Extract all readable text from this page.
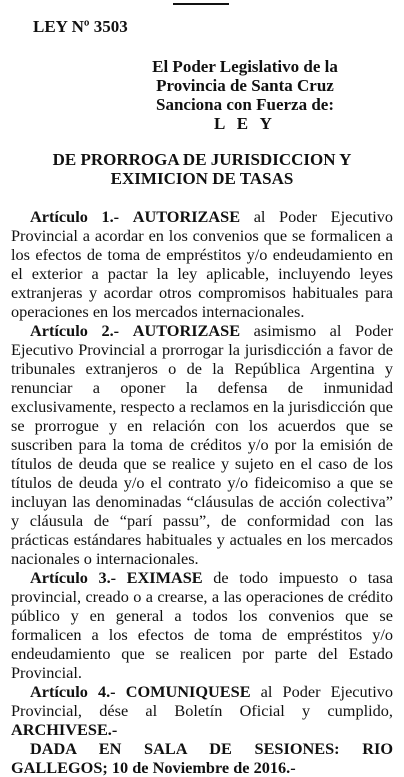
LEY Nº 3503
El Poder Legislativo de la
Provincia de Santa Cruz
Sanciona con Fuerza de:
L E Y
DE PRORROGA DE JURISDICCION Y
EXIMICION DE TASAS

Artículo 1.- AUTORIZASE al Poder Ejecutivo Provincial a acordar en los convenios que se formalicen a los efectos de toma de empréstitos y/o endeudamiento en el exterior a pactar la ley aplicable, incluyendo leyes extranjeras y acordar otros compromisos habituales para operaciones en los mercados internacionales.

Artículo 2.- AUTORIZASE asimismo al Poder Ejecutivo Provincial a prorrogar la jurisdicción a favor de tribunales extranjeros o de la República Argentina y renunciar a oponer la defensa de inmunidad exclusivamente, respecto a reclamos en la jurisdicción que se prorrogue y en relación con los acuerdos que se suscriben para la toma de créditos y/o por la emisión de títulos de deuda que se realice y sujeto en el caso de los títulos de deuda y/o el contrato y/o fideicomiso a que se incluyan las denominadas “cláusulas de acción colectiva” y cláusula de “parí passu”, de conformidad con las prácticas estándares habituales y actuales en los mercados nacionales o internacionales.

Artículo 3.- EXIMASE de todo impuesto o tasa provincial, creado o a crearse, a las operaciones de crédito público y en general a todos los convenios que se formalicen a los efectos de toma de empréstitos y/o endeudamiento que se realicen por parte del Estado Provincial.

Artículo 4.- COMUNIQUESE al Poder Ejecutivo Provincial, dése al Boletín Oficial y cumplido, ARCHIVESE.-

DADA EN SALA DE SESIONES: RIO GALLEGOS; 10 de Noviembre de 2016.-
